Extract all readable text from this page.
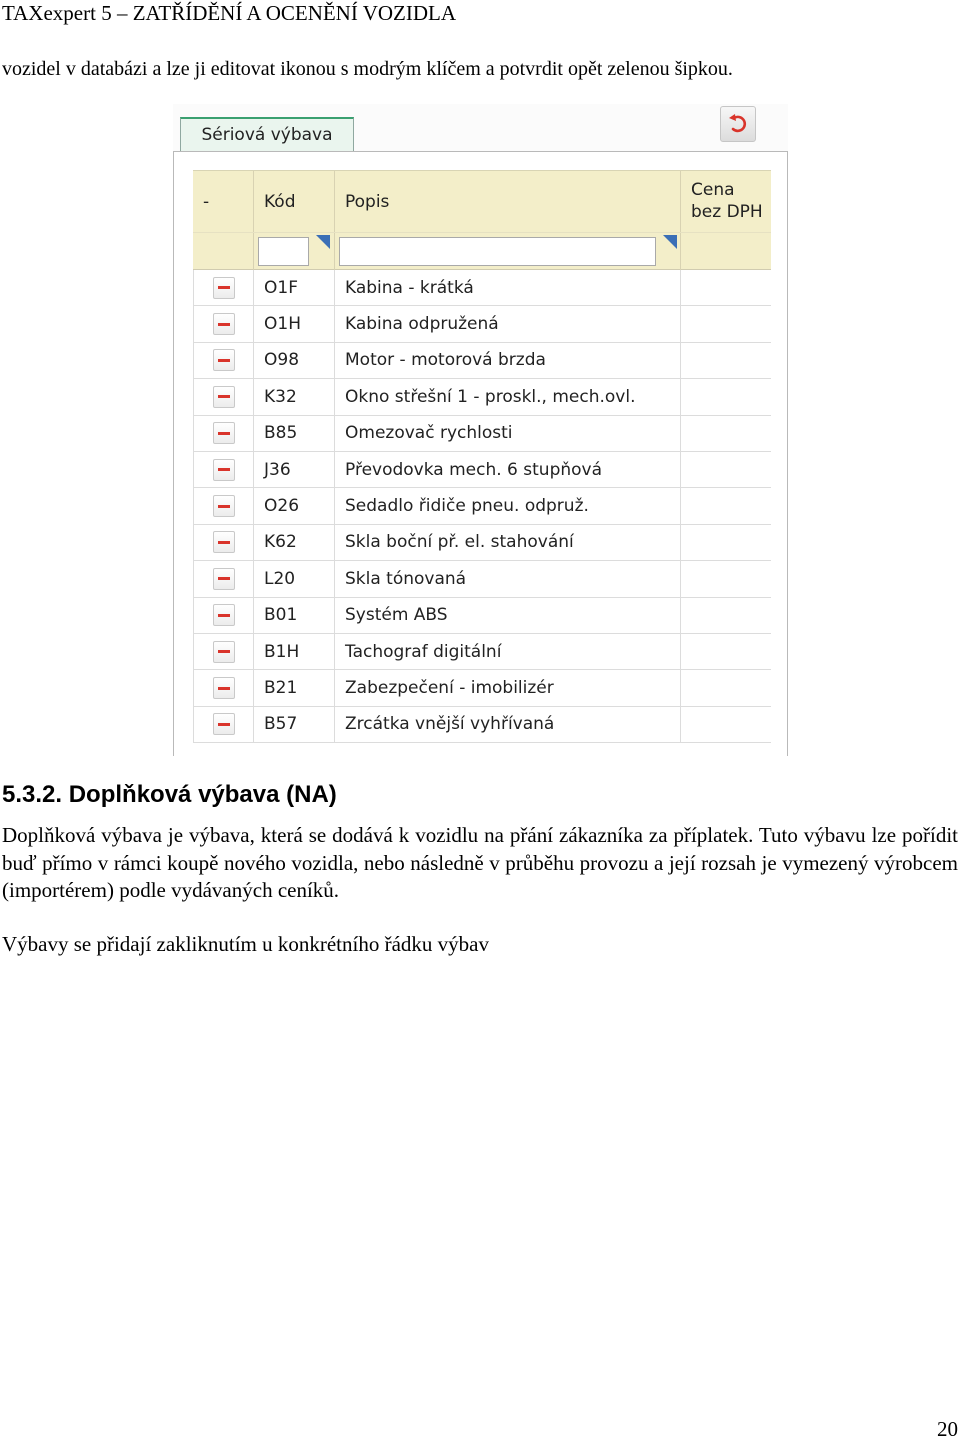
TAXexpert 5 – ZATŘÍDĚNÍ A OCENĚNÍ VOZIDLA
vozidel v databázi a lze ji editovat ikonou s modrým klíčem a potvrdit opět zelenou šipkou.
Sériová výbava
-	Kód	Popis
Cena
bez DPH
O1F	Kabina - krátká
O1H	Kabina odpružená
O98	Motor - motorová brzda
K32	Okno střešní 1 - proskl., mech.ovl.
B85	Omezovač rychlosti
J36	Převodovka mech. 6 stupňová
O26	Sedadlo řidiče pneu. odpruž.
K62	Skla boční př. el. stahování
L20	Skla tónovaná
B01	Systém ABS
B1H	Tachograf digitální
B21	Zabezpečení - imobilizér
B57	Zrcátka vnější vyhřívaná
5.3.2. Doplňková výbava (NA)
Doplňková výbava je výbava, která se dodává k vozidlu na přání zákazníka za příplatek. Tuto výbavu lze pořídit buď přímo v rámci koupě nového vozidla, nebo následně v průběhu provozu a její rozsah je vymezený výrobcem (importérem) podle vydávaných ceníků.
Výbavy se přidají zakliknutím u konkrétního řádku výbav
20
